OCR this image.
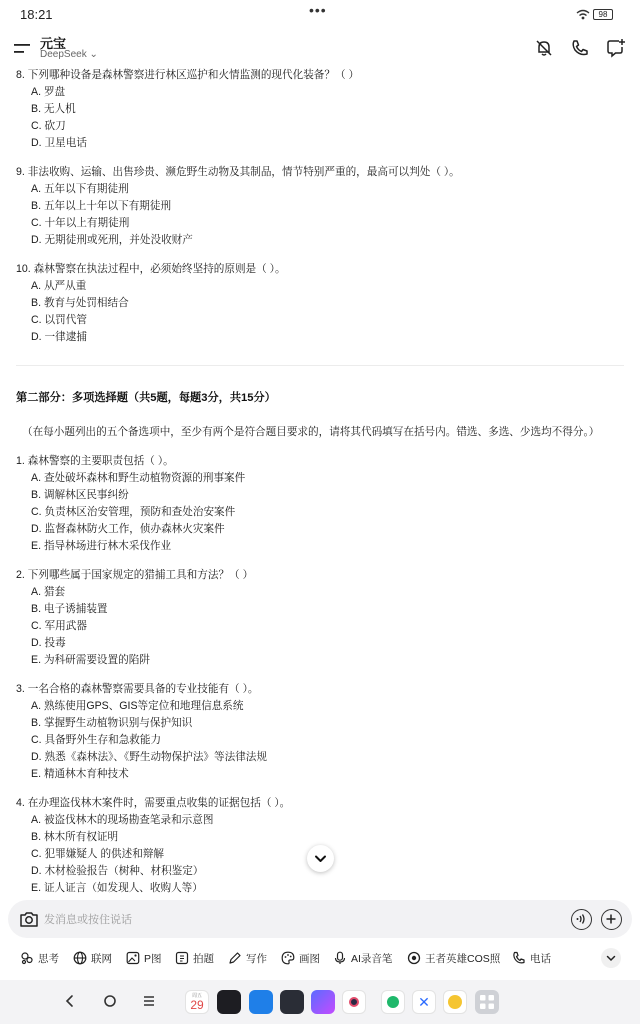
18:21	•••	98
元宝
DeepSeek ⌄
8. 下列哪种设备是森林警察进行林区巡护和火情监测的现代化装备？（ ）
A. 罗盘
B. 无人机
C. 砍刀
D. 卫星电话
9. 非法收购、运输、出售珍贵、濒危野生动物及其制品，情节特别严重的，最高可以判处（ ）。
A. 五年以下有期徒刑
B. 五年以上十年以下有期徒刑
C. 十年以上有期徒刑
D. 无期徒刑或死刑，并处没收财产
10. 森林警察在执法过程中，必须始终坚持的原则是（ ）。
A. 从严从重
B. 教育与处罚相结合
C. 以罚代管
D. 一律逮捕
第二部分：多项选择题（共5题，每题3分，共15分）
（在每小题列出的五个备选项中，至少有两个是符合题目要求的，请将其代码填写在括号内。错选、多选、少选均不得分。）
1. 森林警察的主要职责包括（ ）。
A. 查处破坏森林和野生动植物资源的刑事案件
B. 调解林区民事纠纷
C. 负责林区治安管理，预防和查处治安案件
D. 监督森林防火工作，侦办森林火灾案件
E. 指导林场进行林木采伐作业
2. 下列哪些属于国家规定的猎捕工具和方法？（ ）
A. 猎套
B. 电子诱捕装置
C. 军用武器
D. 投毒
E. 为科研需要设置的陷阱
3. 一名合格的森林警察需要具备的专业技能有（ ）。
A. 熟练使用GPS、GIS等定位和地理信息系统
B. 掌握野生动植物识别与保护知识
C. 具备野外生存和急救能力
D. 熟悉《森林法》、《野生动物保护法》等法律法规
E. 精通林木育种技术
4. 在办理盗伐林木案件时，需要重点收集的证据包括（ ）。
A. 被盗伐林木的现场勘查笔录和示意图
B. 林木所有权证明
C. 犯罪嫌疑人 的供述和辩解
D. 木材检验报告（树种、材积鉴定）
E. 证人证言（如发现人、收购人等）
发消息或按住说话
思考	联网	P图	拍题	写作	画图	AI录音笔	王者英雄COS照	电话
周五
29	✕
